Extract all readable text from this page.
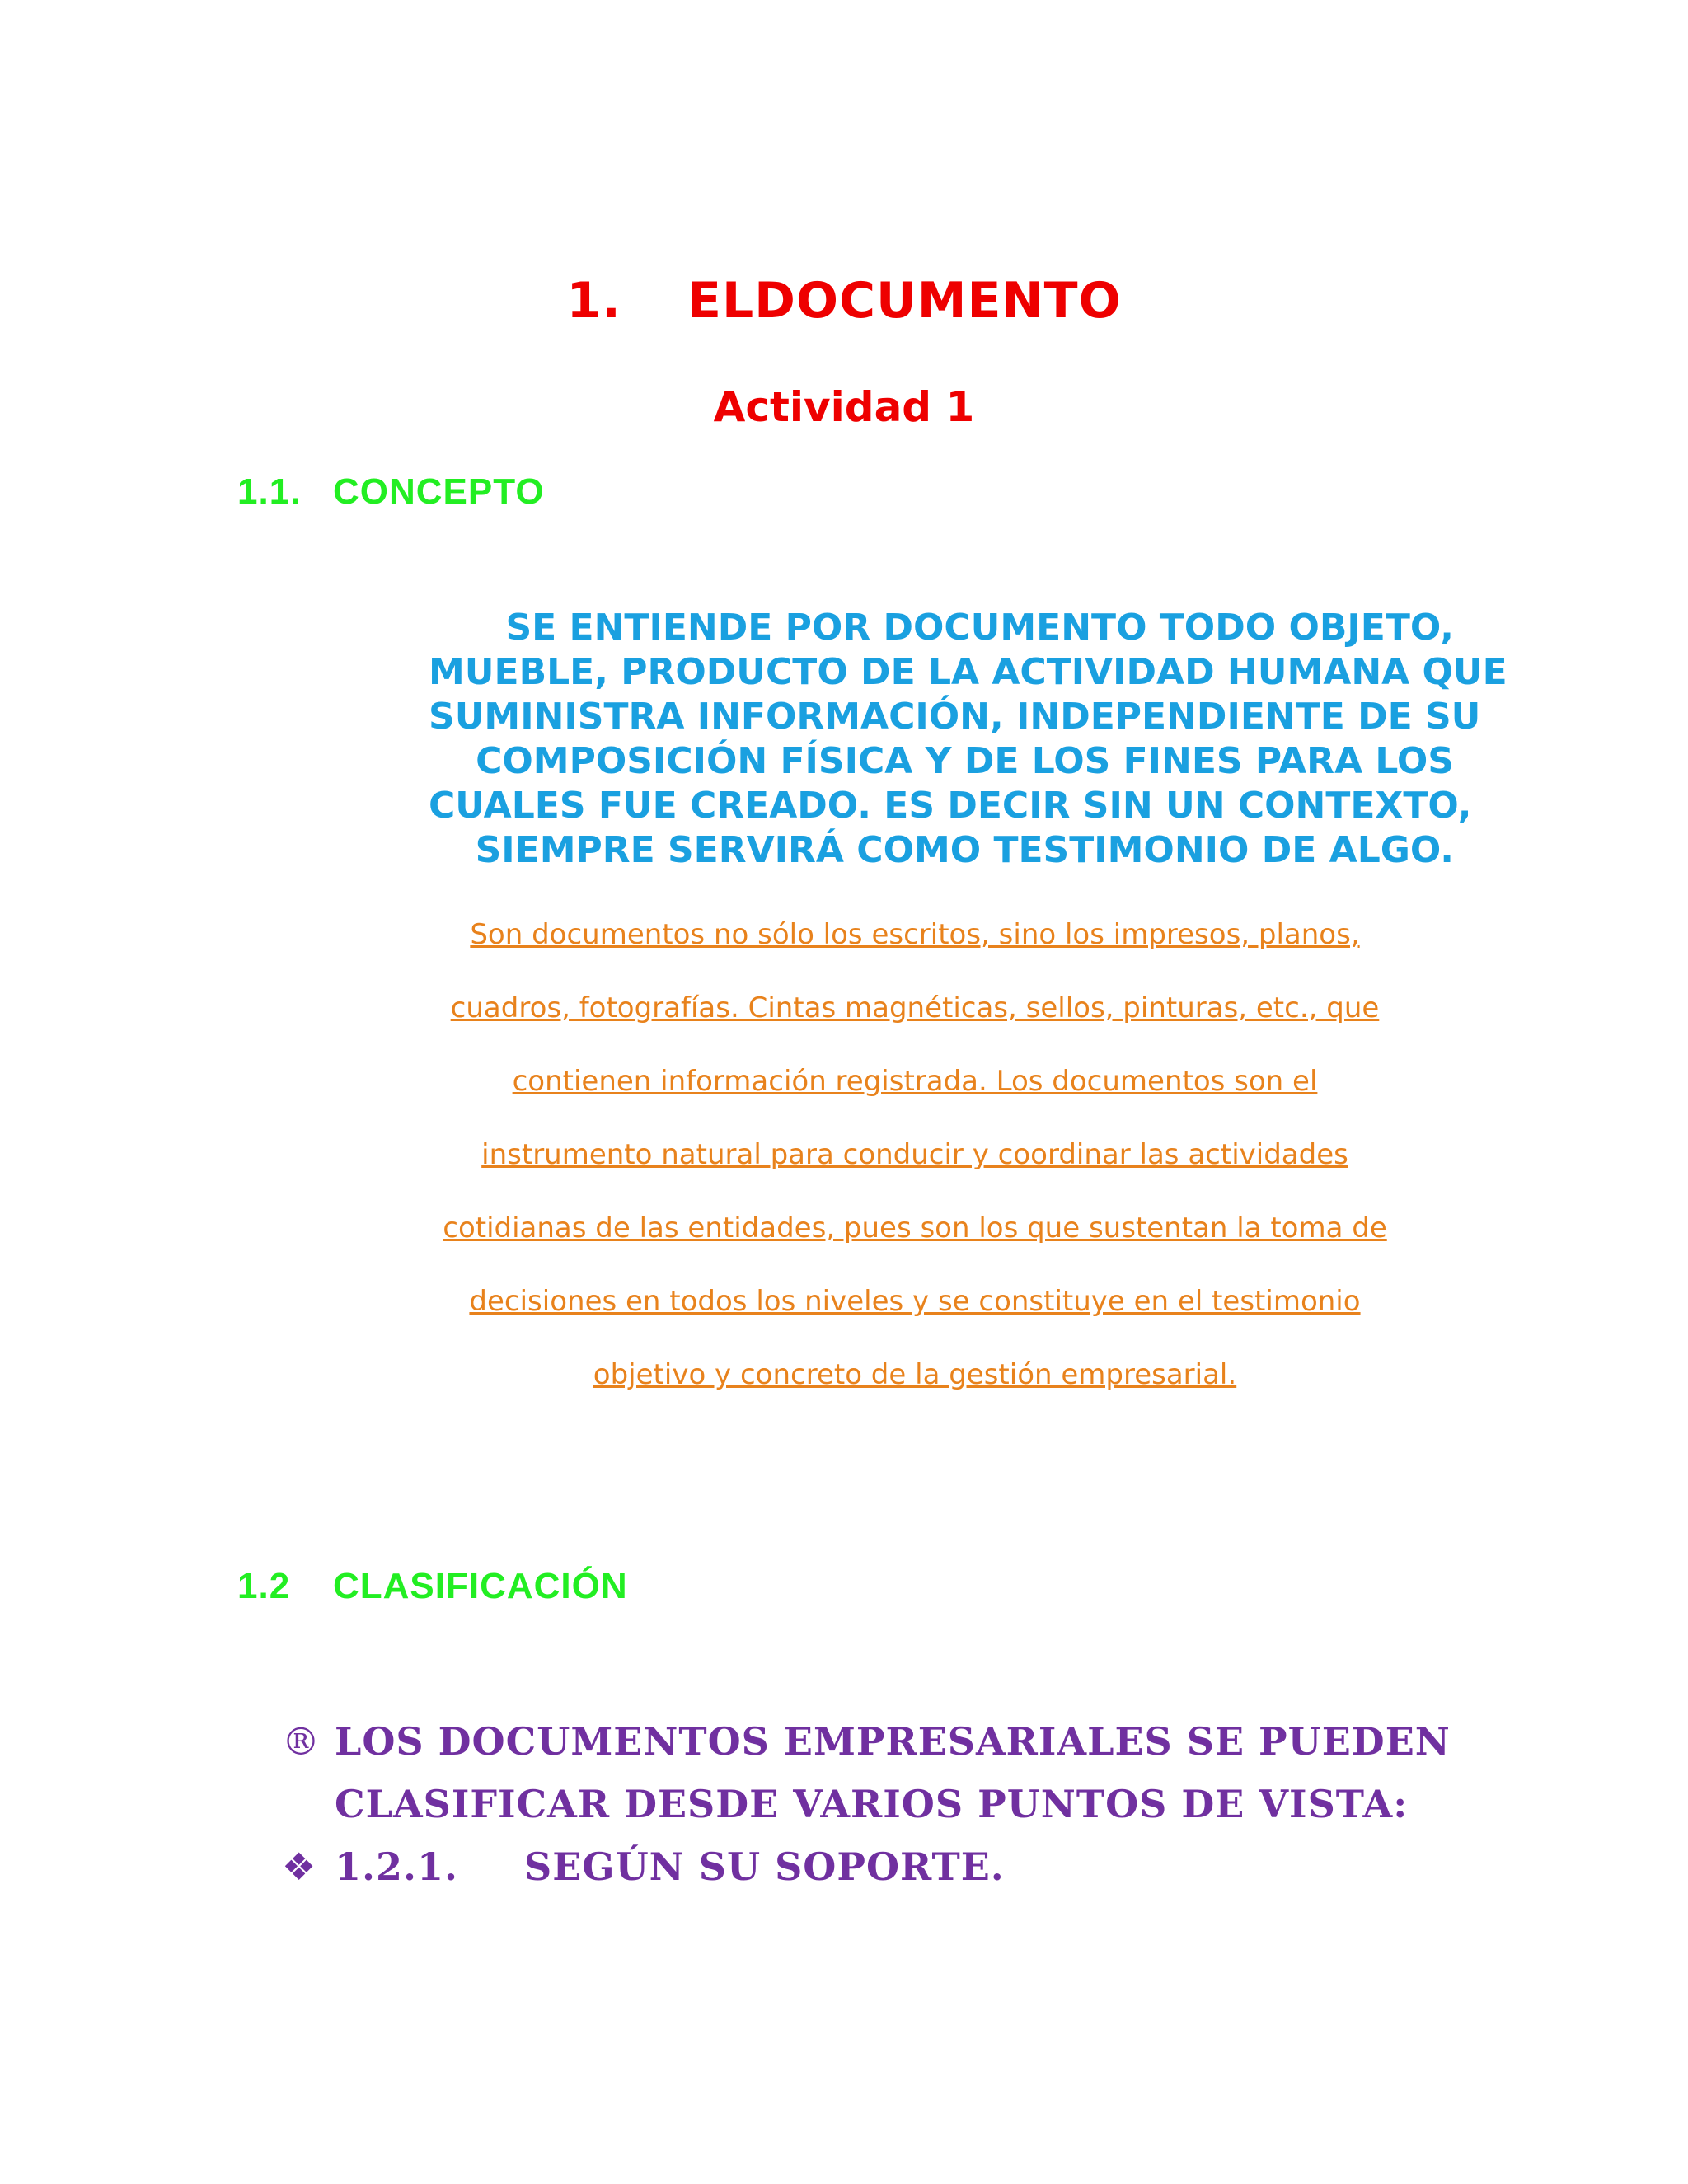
1. ELDOCUMENTO
Actividad 1
1.1. CONCEPTO
SE ENTIENDE POR DOCUMENTO TODO OBJETO,
MUEBLE, PRODUCTO DE LA ACTIVIDAD HUMANA QUE
SUMINISTRA INFORMACIÓN, INDEPENDIENTE DE SU
COMPOSICIÓN FÍSICA Y DE LOS FINES PARA LOS
CUALES FUE CREADO. ES DECIR SIN UN CONTEXTO,
SIEMPRE SERVIRÁ COMO TESTIMONIO DE ALGO.
Son documentos no sólo los escritos, sino los impresos, planos,
cuadros, fotografías. Cintas magnéticas, sellos, pinturas, etc., que
contienen información registrada. Los documentos son el
instrumento natural para conducir y coordinar las actividades
cotidianas de las entidades, pues son los que sustentan la toma de
decisiones en todos los niveles y se constituye en el testimonio
objetivo y concreto de la gestión empresarial.
1.2 CLASIFICACIÓN
® LOS DOCUMENTOS EMPRESARIALES SE PUEDEN
CLASIFICAR DESDE VARIOS PUNTOS DE VISTA:
❖ 1.2.1. SEGÚN SU SOPORTE.
